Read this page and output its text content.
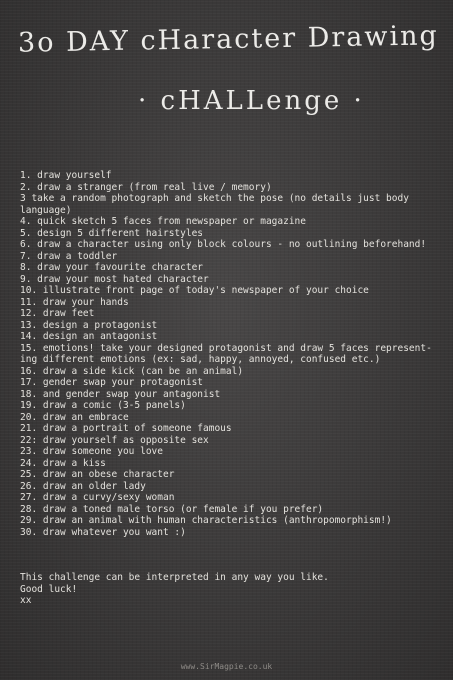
3o DAY cHaracter Drawing
· cHALLenge ·
1. draw yourself
2. draw a stranger (from real live / memory)
3 take a random photograph and sketch the pose (no details just body language)
4. quick sketch 5 faces from newspaper or magazine
5. design 5 different hairstyles
6. draw a character using only block colours - no outlining beforehand!
7. draw a toddler
8. draw your favourite character
9. draw your most hated character
10. illustrate front page of today's newspaper of your choice
11. draw your hands
12. draw feet
13. design a protagonist
14. design an antagonist
15. emotions! take your designed protagonist and draw 5 faces represent-ing different emotions (ex: sad, happy, annoyed, confused etc.)
16. draw a side kick (can be an animal)
17. gender swap your protagonist
18. and gender swap your antagonist
19. draw a comic (3-5 panels)
20. draw an embrace
21. draw a portrait of someone famous
22: draw yourself as opposite sex
23. draw someone you love
24. draw a kiss
25. draw an obese character
26. draw an older lady
27. draw a curvy/sexy woman
28. draw a toned male torso (or female if you prefer)
29. draw an animal with human characteristics (anthropomorphism!)
30. draw whatever you want :)
This challenge can be interpreted in any way you like.
Good luck!
xx
www.SirMagpie.co.uk
